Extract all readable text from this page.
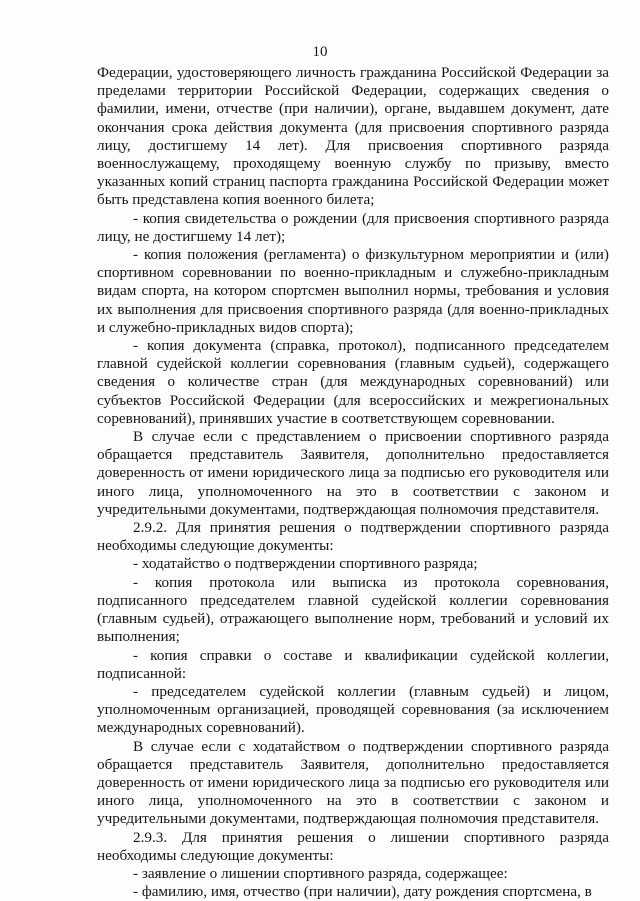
10

Федерации, удостоверяющего личность гражданина Российской Федерации за пределами территории Российской Федерации, содержащих сведения о фамилии, имени, отчестве (при наличии), органе, выдавшем документ, дате окончания срока действия документа (для присвоения спортивного разряда лицу, достигшему 14 лет). Для присвоения спортивного разряда военнослужащему, проходящему военную службу по призыву, вместо указанных копий страниц паспорта гражданина Российской Федерации может быть представлена копия военного билета;

- копия свидетельства о рождении (для присвоения спортивного разряда лицу, не достигшему 14 лет);

- копия положения (регламента) о физкультурном мероприятии и (или) спортивном соревновании по военно-прикладным и служебно-прикладным видам спорта, на котором спортсмен выполнил нормы, требования и условия их выполнения для присвоения спортивного разряда (для военно-прикладных и служебно-прикладных видов спорта);

- копия документа (справка, протокол), подписанного председателем главной судейской коллегии соревнования (главным судьей), содержащего сведения о количестве стран (для международных соревнований) или субъектов Российской Федерации (для всероссийских и межрегиональных соревнований), принявших участие в соответствующем соревновании.

В случае если с представлением о присвоении спортивного разряда обращается представитель Заявителя, дополнительно предоставляется доверенность от имени юридического лица за подписью его руководителя или иного лица, уполномоченного на это в соответствии с законом и учредительными документами, подтверждающая полномочия представителя.

2.9.2. Для принятия решения о подтверждении спортивного разряда необходимы следующие документы:

- ходатайство о подтверждении спортивного разряда;

- копия протокола или выписка из протокола соревнования, подписанного председателем главной судейской коллегии соревнования (главным судьей), отражающего выполнение норм, требований и условий их выполнения;

- копия справки о составе и квалификации судейской коллегии, подписанной:

- председателем судейской коллегии (главным судьей) и лицом, уполномоченным организацией, проводящей соревнования (за исключением международных соревнований).

В случае если с ходатайством о подтверждении спортивного разряда обращается представитель Заявителя, дополнительно предоставляется доверенность от имени юридического лица за подписью его руководителя или иного лица, уполномоченного на это в соответствии с законом и учредительными документами, подтверждающая полномочия представителя.

2.9.3. Для принятия решения о лишении спортивного разряда необходимы следующие документы:

- заявление о лишении спортивного разряда, содержащее:

- фамилию, имя, отчество (при наличии), дату рождения спортсмена, в
